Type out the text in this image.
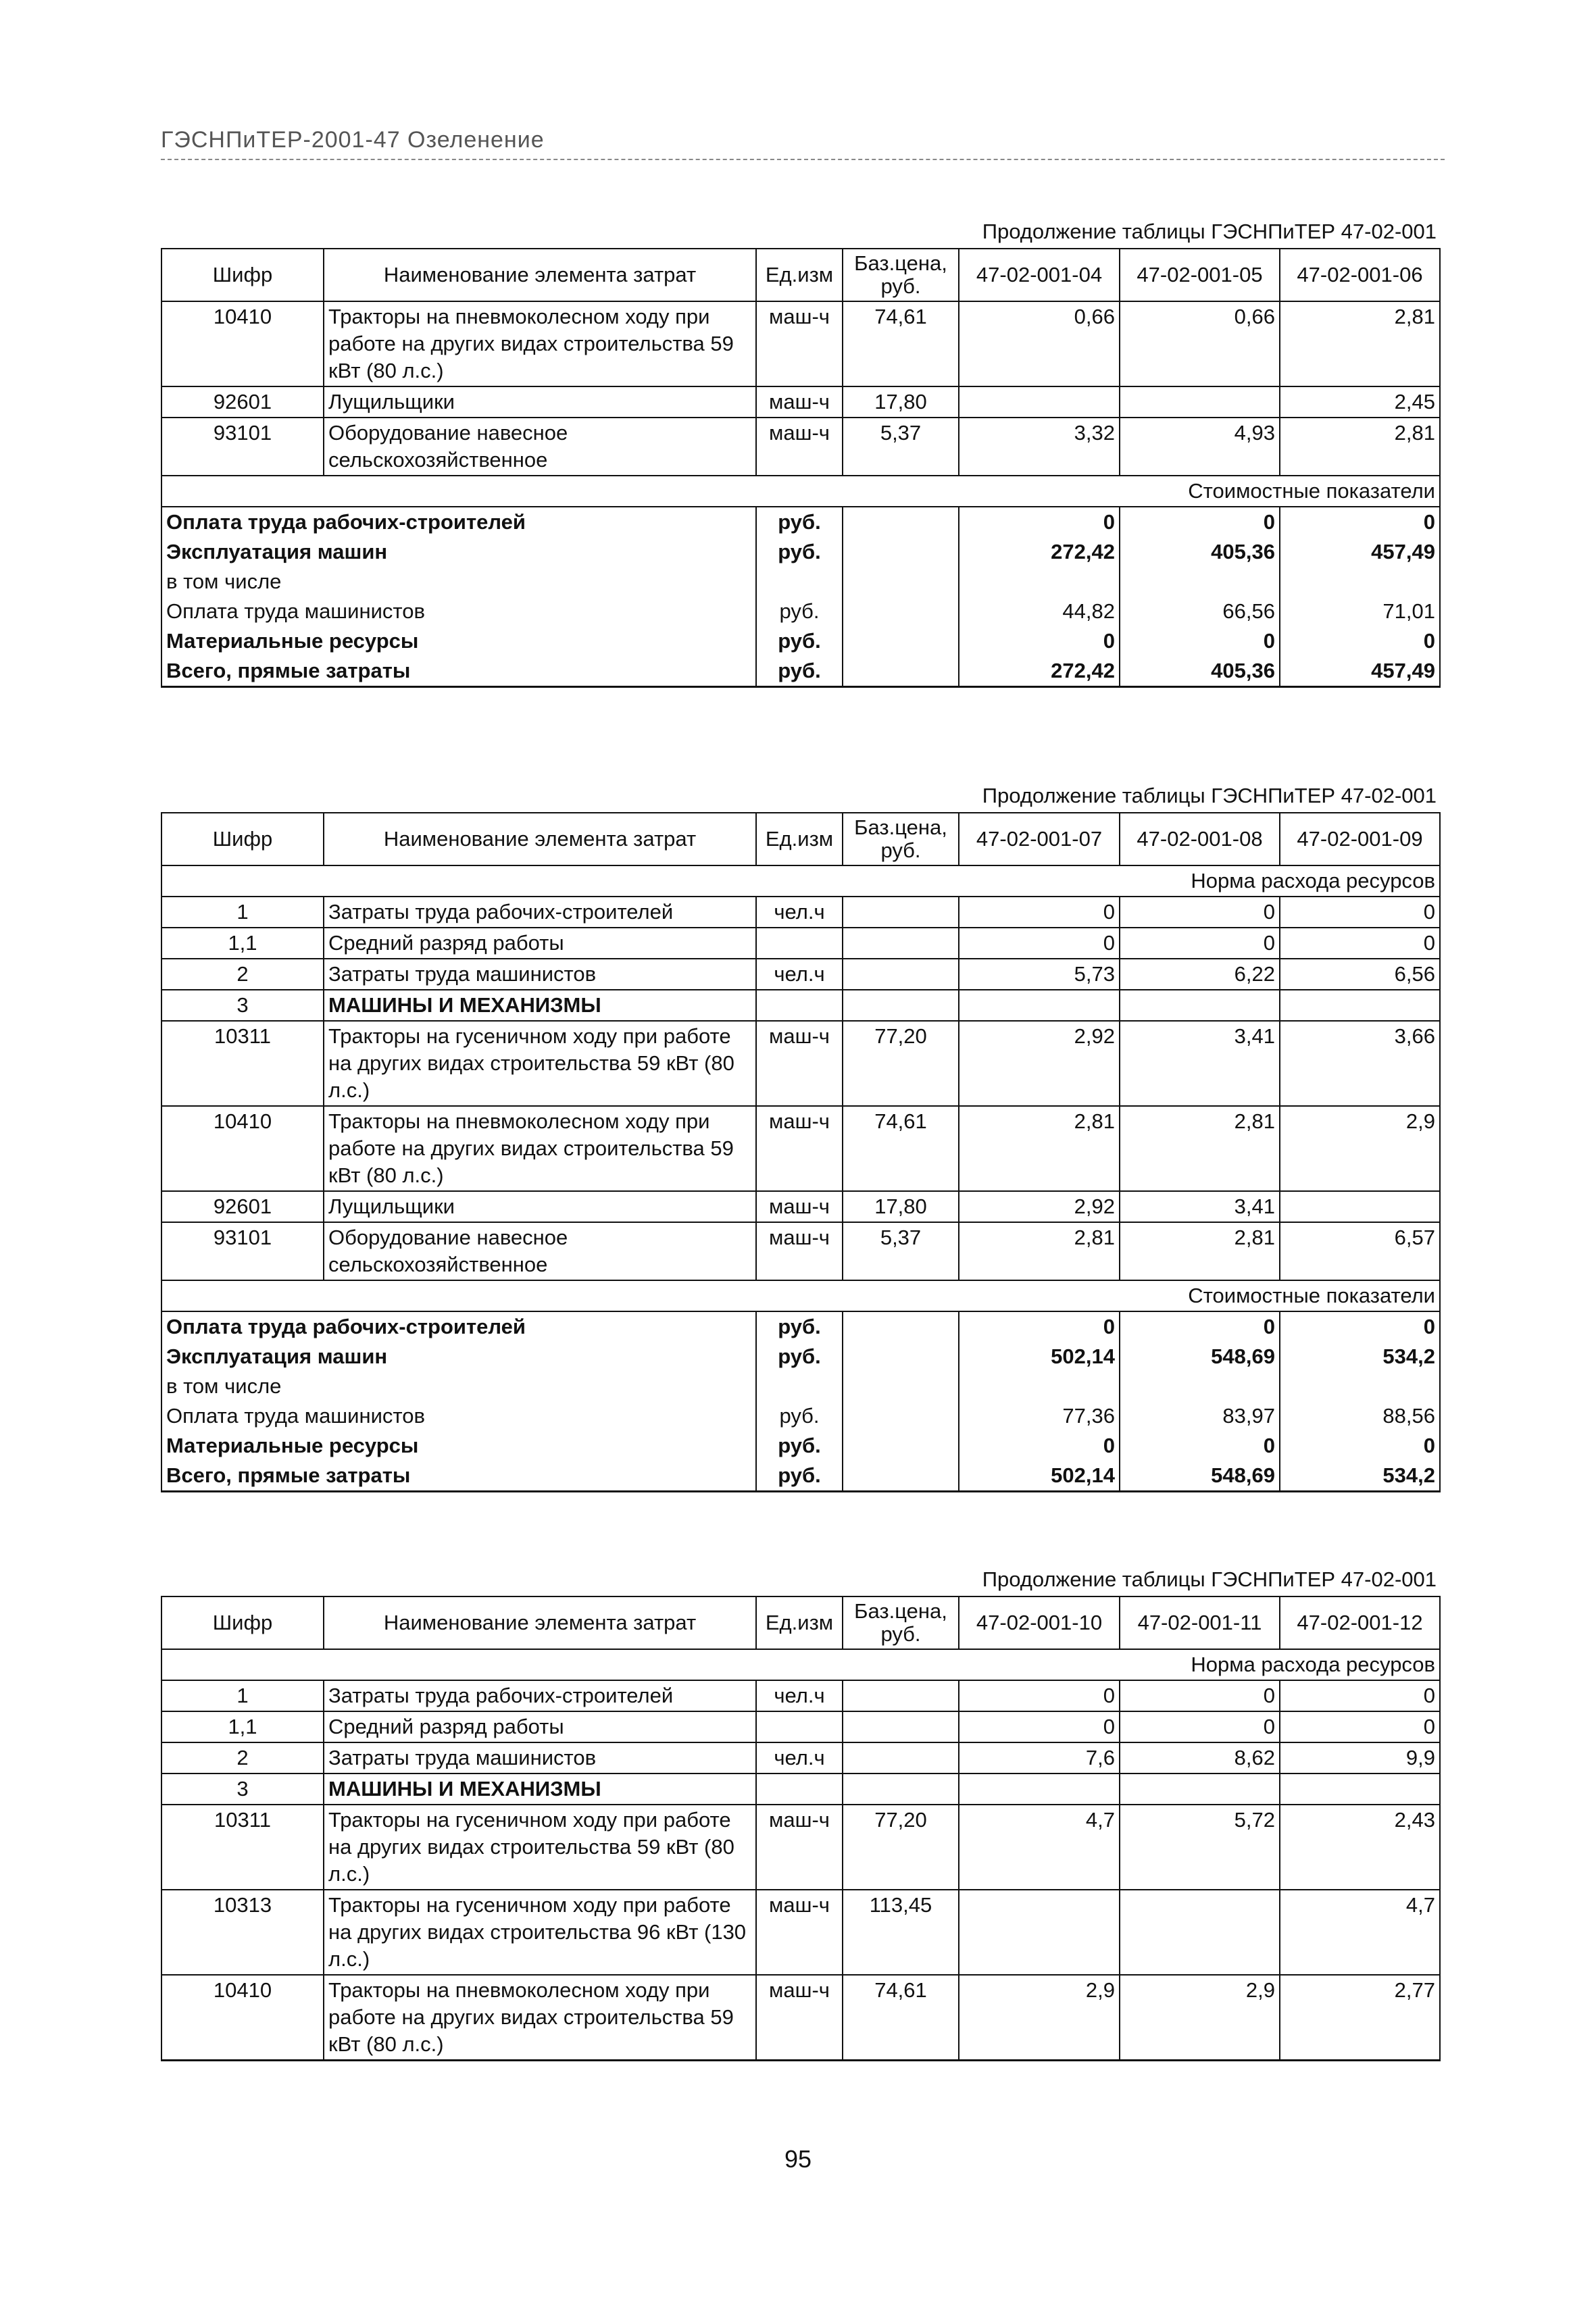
ГЭСНПиТЕР-2001-47 Озеленение
Продолжение таблицы ГЭСНПиТЕР 47-02-001
Шифр	Наименование элемента затрат	Ед.изм	Баз.цена, руб.	47-02-001-04	47-02-001-05	47-02-001-06
10410	Тракторы на пневмоколесном ходу при работе на других видах строительства 59 кВт (80 л.с.)	маш-ч	74,61	0,66	0,66	2,81
92601	Лущильщики	маш-ч	17,80			2,45
93101	Оборудование навесное сельскохозяйственное	маш-ч	5,37	3,32	4,93	2,81
Стоимостные показатели						
Оплата труда рабочих-строителей		руб.		0	0	0
Эксплуатация машин		руб.		272,42	405,36	457,49
в том числе						
Оплата труда машинистов		руб.		44,82	66,56	71,01
Материальные ресурсы		руб.		0	0	0
Всего, прямые затраты		руб.		272,42	405,36	457,49
Продолжение таблицы ГЭСНПиТЕР 47-02-001
Шифр	Наименование элемента затрат	Ед.изм	Баз.цена, руб.	47-02-001-07	47-02-001-08	47-02-001-09
Норма расхода ресурсов						
1	Затраты труда рабочих-строителей	чел.ч		0	0	0
1,1	Средний разряд работы			0	0	0
2	Затраты труда машинистов	чел.ч		5,73	6,22	6,56
3	МАШИНЫ И МЕХАНИЗМЫ					
10311	Тракторы на гусеничном ходу при работе на других видах строительства 59 кВт (80 л.с.)	маш-ч	77,20	2,92	3,41	3,66
10410	Тракторы на пневмоколесном ходу при работе на других видах строительства 59 кВт (80 л.с.)	маш-ч	74,61	2,81	2,81	2,9
92601	Лущильщики	маш-ч	17,80	2,92	3,41	
93101	Оборудование навесное сельскохозяйственное	маш-ч	5,37	2,81	2,81	6,57
Стоимостные показатели						
Оплата труда рабочих-строителей		руб.		0	0	0
Эксплуатация машин		руб.		502,14	548,69	534,2
в том числе						
Оплата труда машинистов		руб.		77,36	83,97	88,56
Материальные ресурсы		руб.		0	0	0
Всего, прямые затраты		руб.		502,14	548,69	534,2
Продолжение таблицы ГЭСНПиТЕР 47-02-001
Шифр	Наименование элемента затрат	Ед.изм	Баз.цена, руб.	47-02-001-10	47-02-001-11	47-02-001-12
Норма расхода ресурсов						
1	Затраты труда рабочих-строителей	чел.ч		0	0	0
1,1	Средний разряд работы			0	0	0
2	Затраты труда машинистов	чел.ч		7,6	8,62	9,9
3	МАШИНЫ И МЕХАНИЗМЫ					
10311	Тракторы на гусеничном ходу при работе на других видах строительства 59 кВт (80 л.с.)	маш-ч	77,20	4,7	5,72	2,43
10313	Тракторы на гусеничном ходу при работе на других видах строительства 96 кВт (130 л.с.)	маш-ч	113,45			4,7
10410	Тракторы на пневмоколесном ходу при работе на других видах строительства 59 кВт (80 л.с.)	маш-ч	74,61	2,9	2,9	2,77
95
